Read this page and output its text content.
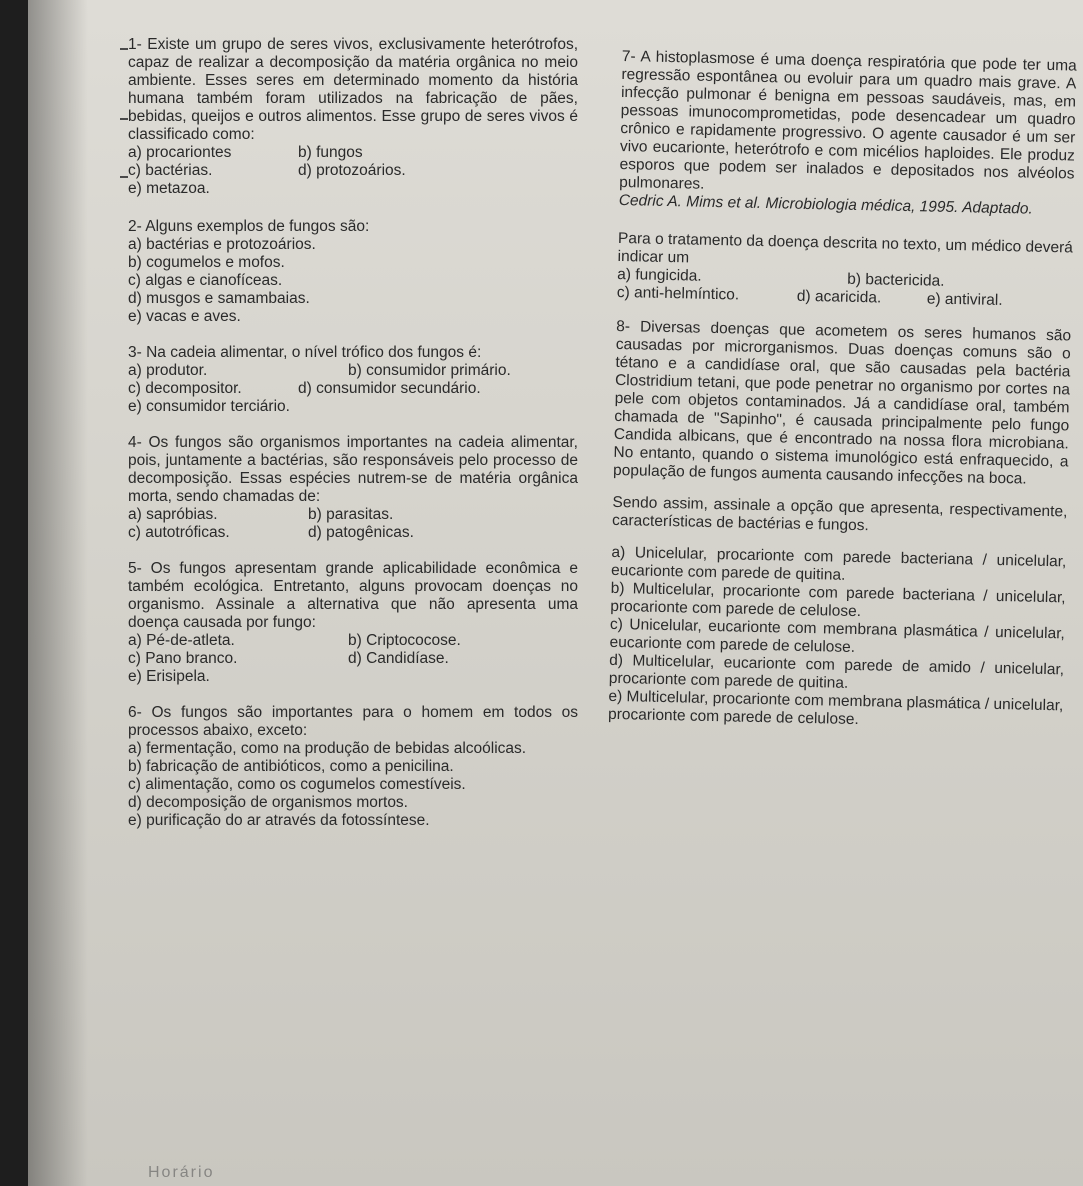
1- Existe um grupo de seres vivos, exclusivamente heterótrofos, capaz de realizar a decomposição da matéria orgânica no meio ambiente. Esses seres em determinado momento da história humana também foram utilizados na fabricação de pães, bebidas, queijos e outros alimentos. Esse grupo de seres vivos é classificado como:

a) procariontes	b) fungos
c) bactérias.	d) protozoários.
e) metazoa.

2- Alguns exemplos de fungos são:

a) bactérias e protozoários.
b) cogumelos e mofos.
c) algas e cianofíceas.
d) musgos e samambaias.
e) vacas e aves.

3- Na cadeia alimentar, o nível trófico dos fungos é:

a) produtor.	b) consumidor primário.
c) decompositor.	d) consumidor secundário.
e) consumidor terciário.

4- Os fungos são organismos importantes na cadeia alimentar, pois, juntamente a bactérias, são responsáveis pelo processo de decomposição. Essas espécies nutrem-se de matéria orgânica morta, sendo chamadas de:

a) sapróbias.	b) parasitas.
c) autotróficas.	d) patogênicas.

5- Os fungos apresentam grande aplicabilidade econômica e também ecológica. Entretanto, alguns provocam doenças no organismo. Assinale a alternativa que não apresenta uma doença causada por fungo:

a) Pé-de-atleta.	b) Criptococose.
c) Pano branco.	d) Candidíase.
e) Erisipela.

6- Os fungos são importantes para o homem em todos os processos abaixo, exceto:

a) fermentação, como na produção de bebidas alcoólicas.
b) fabricação de antibióticos, como a penicilina.
c) alimentação, como os cogumelos comestíveis.
d) decomposição de organismos mortos.
e) purificação do ar através da fotossíntese.

7- A histoplasmose é uma doença respiratória que pode ter uma regressão espontânea ou evoluir para um quadro mais grave. A infecção pulmonar é benigna em pessoas saudáveis, mas, em pessoas imunocomprometidas, pode desencadear um quadro crônico e rapidamente progressivo. O agente causador é um ser vivo eucarionte, heterótrofo e com micélios haploides. Ele produz esporos que podem ser inalados e depositados nos alvéolos pulmonares.

Cedric A. Mims et al. Microbiologia médica, 1995. Adaptado.

Para o tratamento da doença descrita no texto, um médico deverá indicar um

a) fungicida.	b) bactericida.
c) anti-helmíntico.	d) acaricida.	e) antiviral.

8- Diversas doenças que acometem os seres humanos são causadas por microrganismos. Duas doenças comuns são o tétano e a candidíase oral, que são causadas pela bactéria Clostridium tetani, que pode penetrar no organismo por cortes na pele com objetos contaminados. Já a candidíase oral, também chamada de "Sapinho", é causada principalmente pelo fungo Candida albicans, que é encontrado na nossa flora microbiana. No entanto, quando o sistema imunológico está enfraquecido, a população de fungos aumenta causando infecções na boca.

Sendo assim, assinale a opção que apresenta, respectivamente, características de bactérias e fungos.

a) Unicelular, procarionte com parede bacteriana / unicelular, eucarionte com parede de quitina.

b) Multicelular, procarionte com parede bacteriana / unicelular, procarionte com parede de celulose.

c) Unicelular, eucarionte com membrana plasmática / unicelular, eucarionte com parede de celulose.

d) Multicelular, eucarionte com parede de amido / unicelular, procarionte com parede de quitina.

e) Multicelular, procarionte com membrana plasmática / unicelular, procarionte com parede de celulose.

Horário
